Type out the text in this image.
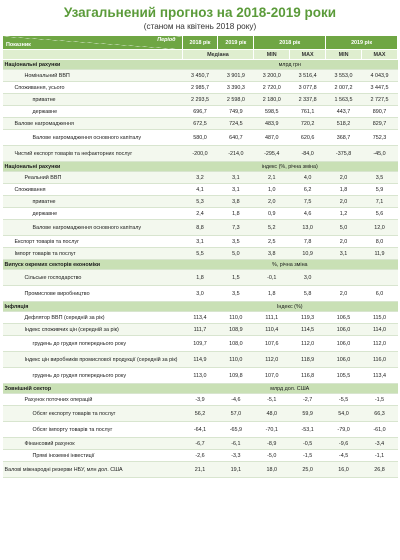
Узагальнений прогноз на 2018-2019 роки
(станом на квітень 2018 року)
Показник
Період	2018 рік	2019 рік	2018 рік		2019 рік	
	Медіана		MIN	MAX	MIN	MAX
Національні рахунки	млрд грн					
Номінальний ВВП	3 450,7	3 901,9	3 200,0	3 516,4	3 553,0	4 043,9
Споживання, усього	2 985,7	3 390,3	2 720,0	3 077,8	2 007,2	3 447,5
приватне	2 293,5	2 598,0	2 180,0	2 337,8	1 563,5	2 727,5
державне	696,7	749,9	598,5	761,1	443,7	890,7
Валове нагромадження	672,5	724,5	483,9	720,2	518,2	829,7
Валове нагромадження основного капіталу	580,0	640,7	487,0	620,6	368,7	752,3
Чистий експорт товарів та нефакторних послуг	-200,0	-214,0	-295,4	-84,0	-375,8	-45,0
Національні рахунки	індекс (%, річна зміна)					
Реальний ВВП	3,2	3,1	2,1	4,0	2,0	3,5
Споживання	4,1	3,1	1,0	6,2	1,8	5,9
приватне	5,3	3,8	2,0	7,5	2,0	7,1
державне	2,4	1,8	0,9	4,6	1,2	5,6
Валове нагромадження основного капіталу	8,8	7,3	5,2	13,0	5,0	12,0
Експорт товарів та послуг	3,1	3,5	2,5	7,8	2,0	8,0
Імпорт товарів та послуг	5,5	5,0	3,8	10,9	3,1	11,9
Випуск окремих секторів економіки	%, річна зміна					
Сільське господарство	1,8	1,5	-0,1	3,0		
Промислове виробництво	3,0	3,5	1,8	5,8	2,0	6,0
Інфляція	Індекс (%)					
Дефлятор ВВП (середній за рік)	113,4	110,0	111,1	119,3	106,5	115,0
Індекс споживчих цін (середній за рік)	111,7	108,9	110,4	114,5	106,0	114,0
грудень до грудня попереднього року	109,7	108,0	107,6	112,0	106,0	112,0
Індекс цін виробників промислової продукції (середній за рік)	114,9	110,0	112,0	118,9	106,0	116,0
грудень до грудня попереднього року	113,0	109,8	107,0	116,8	105,5	113,4
Зовнішній сектор	млрд дол. США					
Рахунок поточних операцій	-3,9	-4,6	-5,1	-2,7	-5,5	-1,5
Обсяг експорту товарів та послуг	56,2	57,0	48,0	59,9	54,0	66,3
Обсяг імпорту товарів та послуг	-64,1	-65,9	-70,1	-53,1	-79,0	-61,0
Фінансовий рахунок	-6,7	-6,1	-8,9	-0,5	-9,6	-3,4
Прямі іноземні інвестиції	-2,6	-3,3	-5,0	-1,5	-4,5	-1,1
Валові міжнародні резерви НБУ, млн дол. США	21,1	19,1	18,0	25,0	16,0	26,8
